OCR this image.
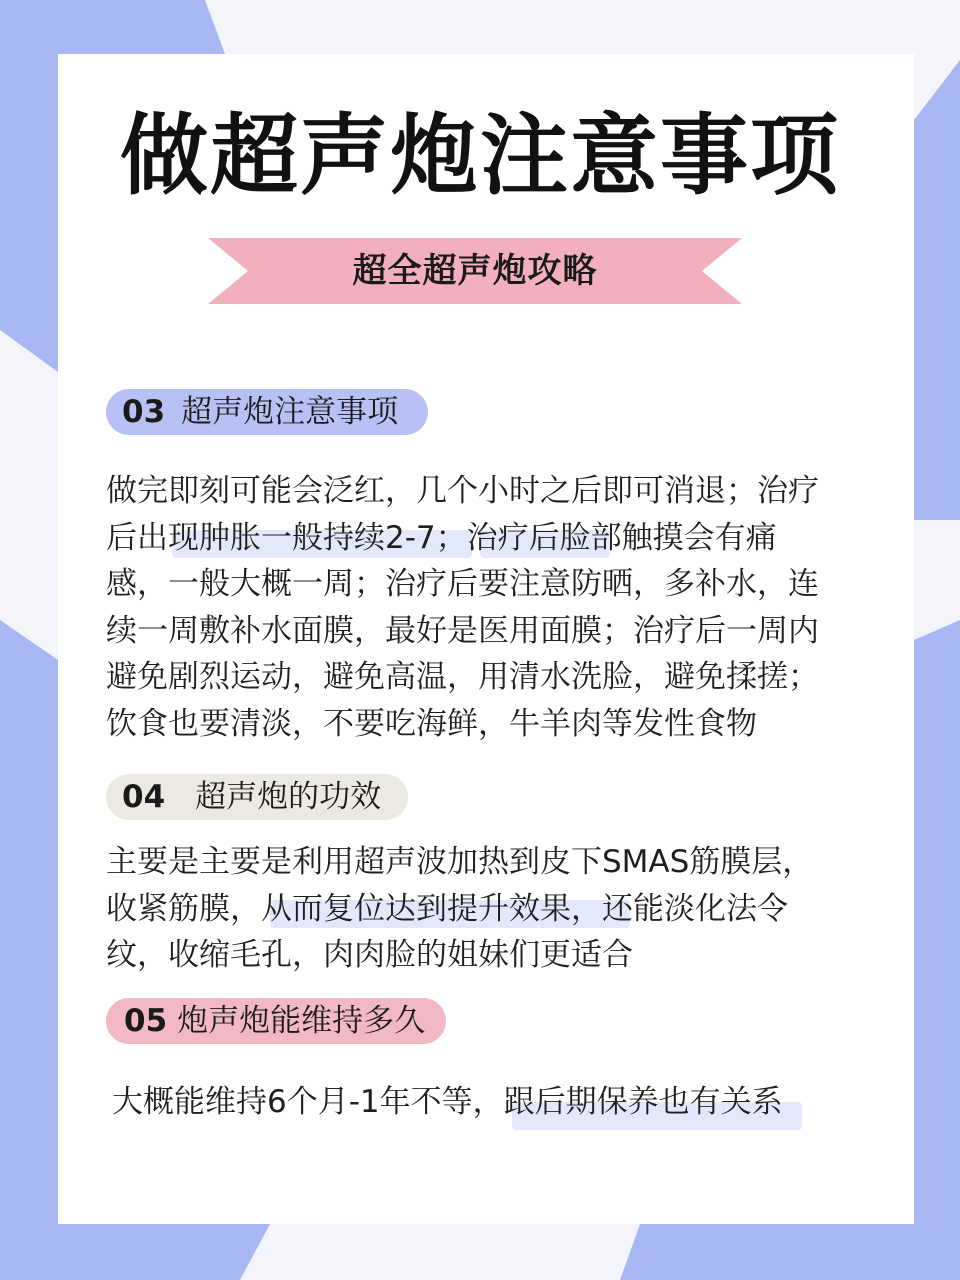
做超声炮注意事项
超全超声炮攻略
03 超声炮注意事项
做完即刻可能会泛红，几个小时之后即可消退；治疗
后出现肿胀一般持续2-7；治疗后脸部触摸会有痛
感，一般大概一周；治疗后要注意防晒，多补水，连
续一周敷补水面膜，最好是医用面膜；治疗后一周内
避免剧烈运动，避免高温，用清水洗脸，避免揉搓；
饮食也要清淡，不要吃海鲜，牛羊肉等发性食物
04 超声炮的功效
主要是主要是利用超声波加热到皮下SMAS筋膜层，
收紧筋膜，从而复位达到提升效果，还能淡化法令
纹，收缩毛孔，肉肉脸的姐妹们更适合
05 炮声炮能维持多久
大概能维持6个月-1年不等，跟后期保养也有关系
